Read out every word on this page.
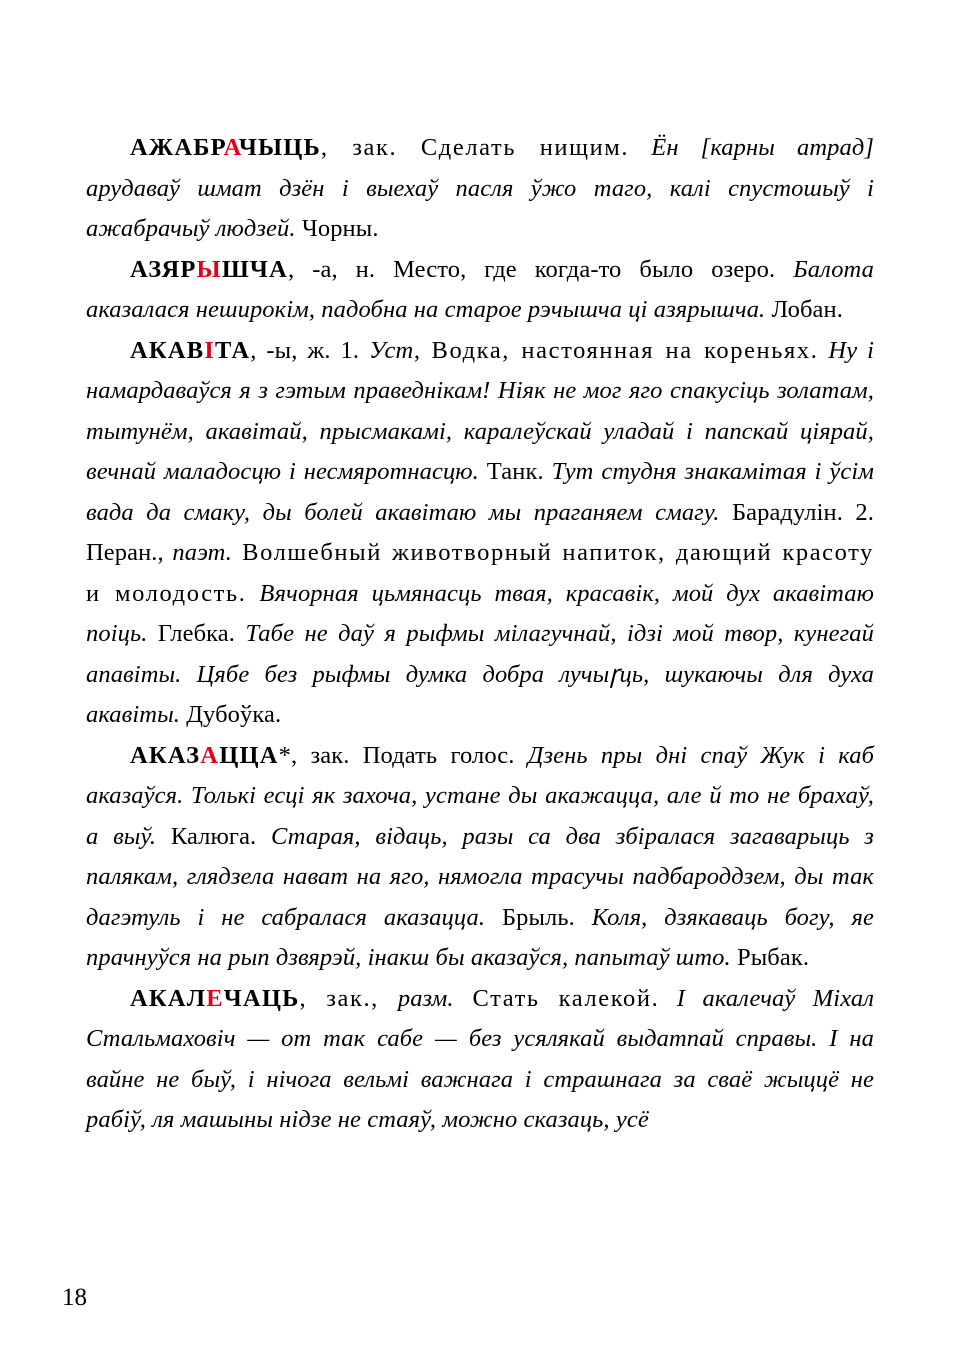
АЖАБРАЧЫЦЬ, зак. Сделать нищим. Ён [карны атрад] арудаваў шмат дзён і выехаў пасля ўжо таго, калі спустошыў і ажабрачыў людзей. Чорны.

АЗЯРЫШЧА, -а, н. Место, где когда-то было озеро. Балота аказалася неширокім, падобна на старое рэчышча ці азярышча. Лобан.

АКАВІТА, -ы, ж. 1. Уст, Водка, настоянная на кореньях. Ну і намардаваўся я з гэтым праведнікам! Ніяк не мог яго спакусіць золатам, тытунём, акавітай, прысмакамі, каралеўскай уладай і папскай ціярай, вечнай маладосцю і несмяротнасцю. Танк. Тут студня знакамітая і ўсім вада да смаку, ды болей акавітаю мы праганяем смагу. Барадулін. 2. Перан., паэт. Волшебный животворный напиток, дающий красоту и молодость. Вячорная цьмянасць твая, красавік, мой дух акавітаю поіць. Глебка. Табе не даў я рыфмы мілагучнай, ідзі мой твор, кунегай апавіты. Цябе без рыфмы думка добра лучыꞅць, шукаючы для духа акавіты. Дубоўка.

АКАЗАЦЦА*, зак. Подать голос. Дзень пры дні спаў Жук і каб аказаўся. Толькі есці як захоча, устане ды акажацца, але й то не брахаў, а выў. Калюга. Старая, відаць, разы са два збіралася загаварыць з палякам, глядзела нават на яго, нямогла трасучы падбароддзем, ды так дагэтуль і не сабралася аказацца. Брыль. Коля, дзякаваць богу, яе прачнуўся на рып дзвярэй, інакш бы аказаўся, папытаў што. Рыбак.

АКАЛЕЧАЦЬ, зак., разм. Стать калекой. І акалечаў Міхал Стальмаховіч — от так сабе — без усялякай выдатпай справы. І на вайне не быў, і нічога вельмі важнага і страшнага за сваё жыццё не рабіў, ля машыны нідзе не стаяў, можно сказаць, усё

18
